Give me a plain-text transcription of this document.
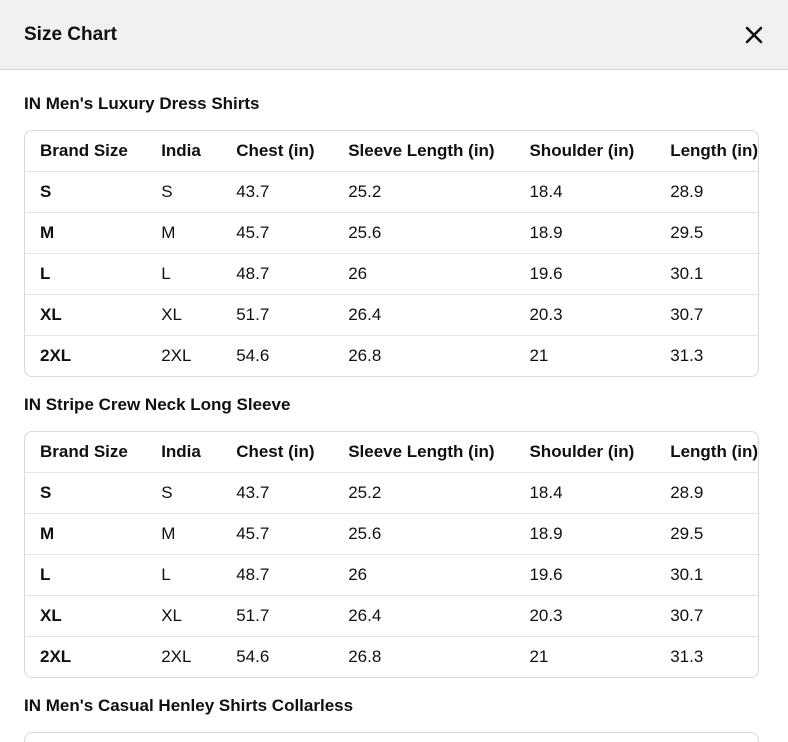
Size Chart
IN Men's Luxury Dress Shirts
Brand Size	India	Chest (in)	Sleeve Length (in)	Shoulder (in)	Length (in)
S	S	43.7	25.2	18.4	28.9
M	M	45.7	25.6	18.9	29.5
L	L	48.7	26	19.6	30.1
XL	XL	51.7	26.4	20.3	30.7
2XL	2XL	54.6	26.8	21	31.3
IN Stripe Crew Neck Long Sleeve
Brand Size	India	Chest (in)	Sleeve Length (in)	Shoulder (in)	Length (in)
S	S	43.7	25.2	18.4	28.9
M	M	45.7	25.6	18.9	29.5
L	L	48.7	26	19.6	30.1
XL	XL	51.7	26.4	20.3	30.7
2XL	2XL	54.6	26.8	21	31.3
IN Men's Casual Henley Shirts Collarless
